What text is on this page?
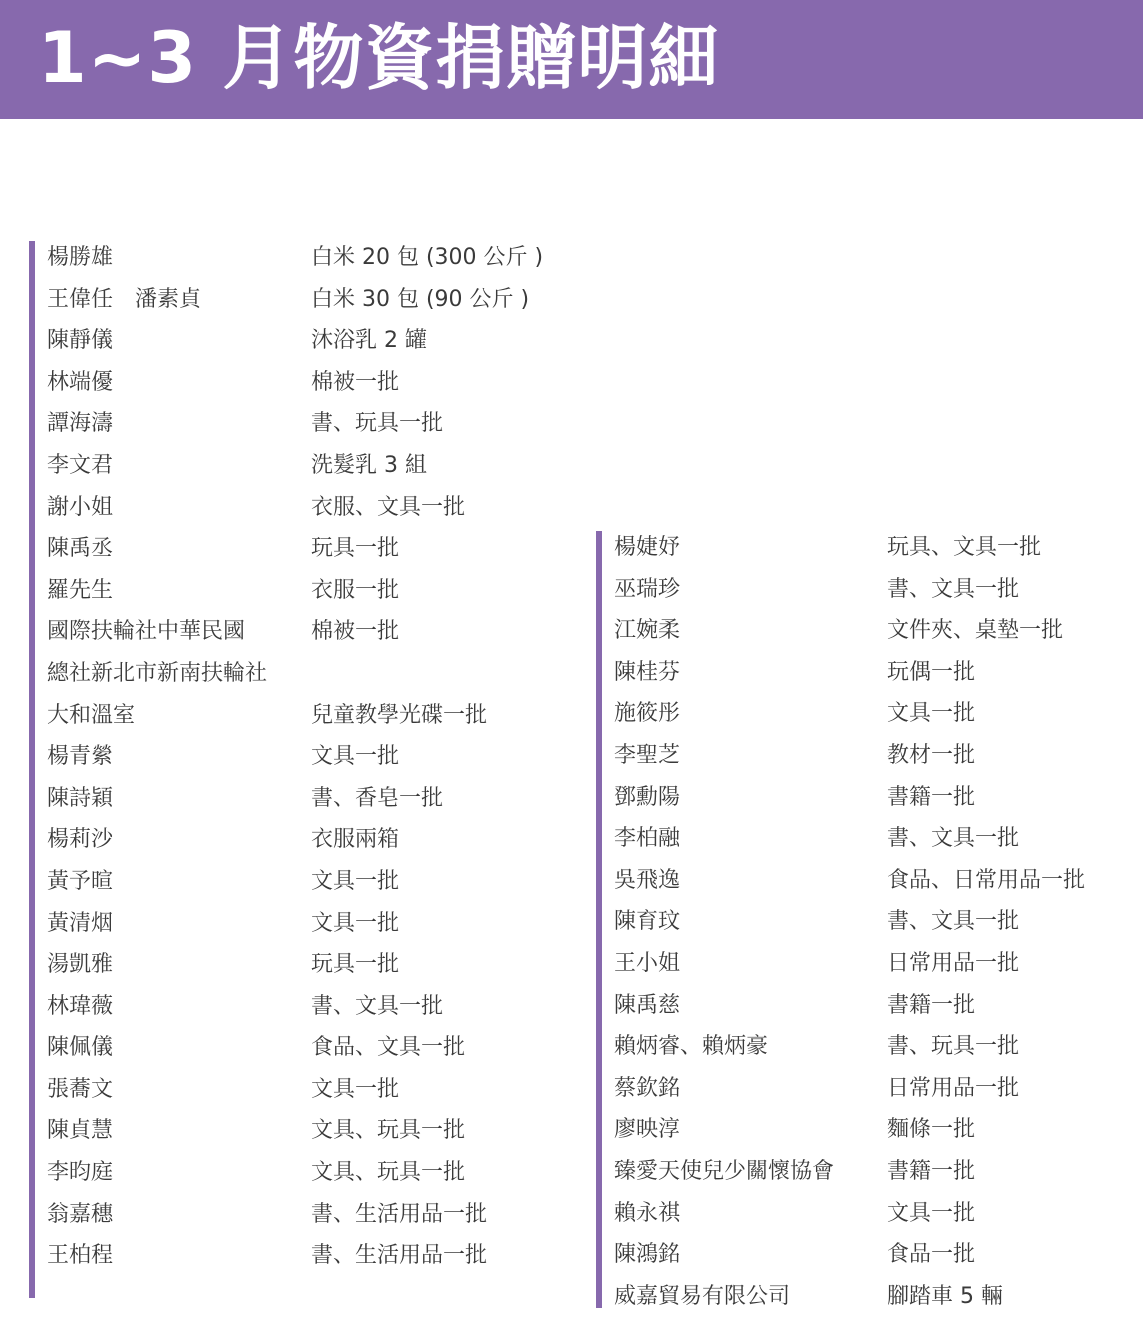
1~3 月物資捐贈明細
楊勝雄	白米 20 包 (300 公斤 )
王偉任　潘素貞	白米 30 包 (90 公斤 )
陳靜儀	沐浴乳 2 罐
林端優	棉被一批
譚海濤	書、玩具一批
李文君	洗髮乳 3 組
謝小姐	衣服、文具一批
陳禹丞	玩具一批
羅先生	衣服一批
國際扶輪社中華民國	棉被一批
總社新北市新南扶輪社
大和溫室	兒童教學光碟一批
楊青縈	文具一批
陳詩穎	書、香皂一批
楊莉沙	衣服兩箱
黃予暄	文具一批
黃清烟	文具一批
湯凱雅	玩具一批
林瑋薇	書、文具一批
陳佩儀	食品、文具一批
張蕎文	文具一批
陳貞慧	文具、玩具一批
李昀庭	文具、玩具一批
翁嘉穗	書、生活用品一批
王柏程	書、生活用品一批
楊婕妤	玩具、文具一批
巫瑞珍	書、文具一批
江婉柔	文件夾、桌墊一批
陳桂芬	玩偶一批
施筱彤	文具一批
李聖芝	教材一批
鄧勳陽	書籍一批
李柏融	書、文具一批
吳飛逸	食品、日常用品一批
陳育玟	書、文具一批
王小姐	日常用品一批
陳禹慈	書籍一批
賴炳睿、賴炳豪	書、玩具一批
蔡欽銘	日常用品一批
廖映淳	麵條一批
臻愛天使兒少關懷協會 書籍一批
賴永祺	文具一批
陳鴻銘	食品一批
威嘉貿易有限公司	腳踏車 5 輛
